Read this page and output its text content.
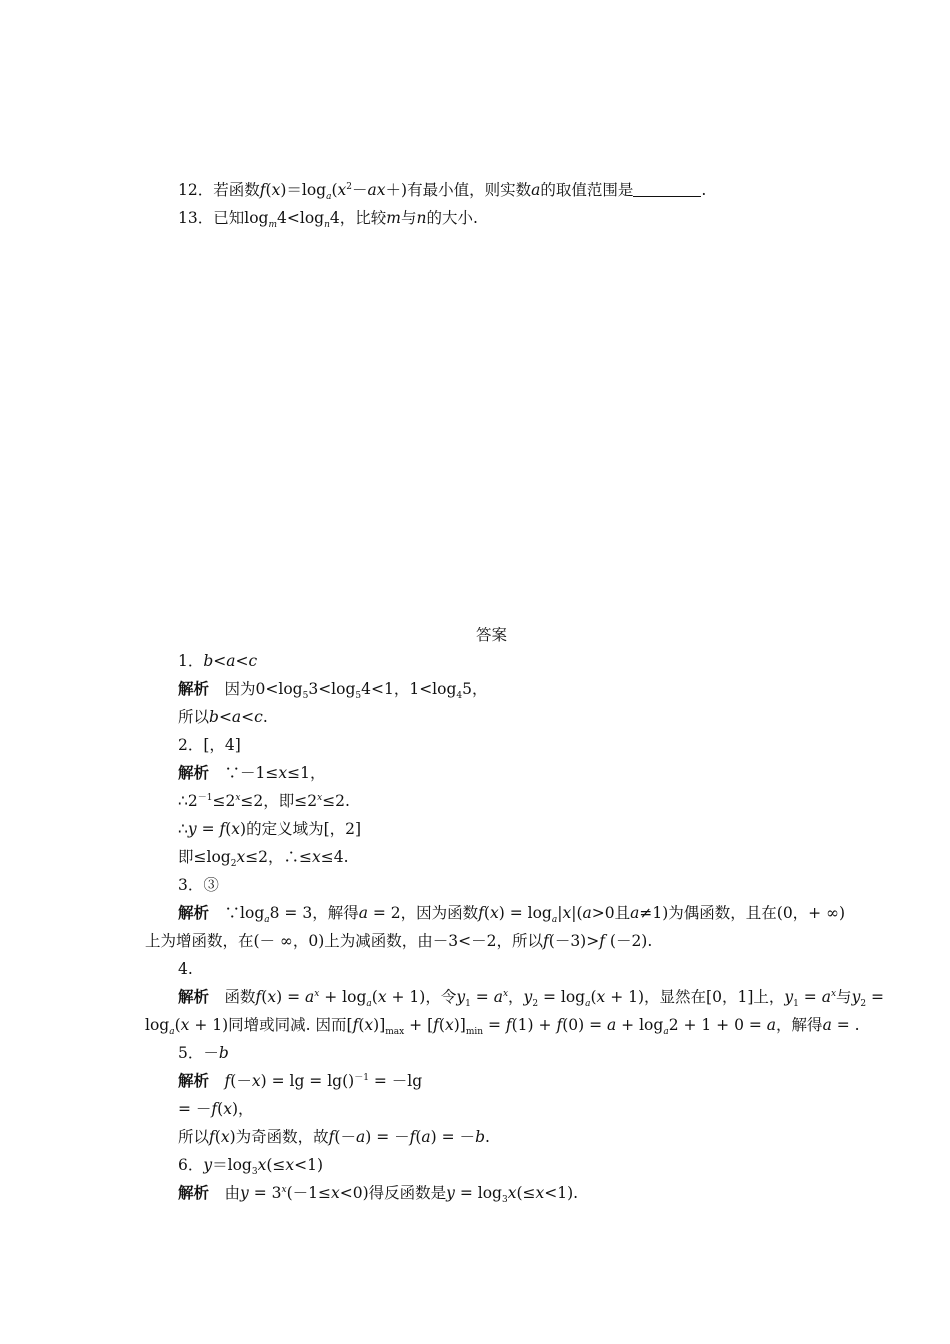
12．若函数$f(x)=\log_a(x^2-ax+)$有最小值，则实数a的取值范围是	.
13．已知$\log_m4<\log_n4$，比较m与n的大小.
答案
1．b<a<c
解析　 因为$0<\log_53<\log_54<1$，$1<\log_45$，
所以b<a<c.
2．[，4]
解析　 ∵－1≤x≤1，
$\therefore 2^{-1}\le 2^x\le 2$，即$\le 2^x\le 2$.
∴y = f(x)的定义域为[，2]
即$\le\log_2x\le 2$，∴≤x≤4.
3．③
解析　 $\because\log_a8 = 3$，解得a = 2，因为函数$f(x) = \log_a|x|(a>0$且a≠1)为偶函数，且在(0，+ ∞)
上为增函数，在(－ ∞，0)上为减函数，由－3<－2，所以f(－3)>f (－2).
4.
解析　 函数$f(x) = a^x + \log_a(x + 1)$，令$y_1 = a^x$，$y_2 = \log_a(x + 1)$，显然在[0，1]上，$y_1 = a^x$与$y_2$ =
$\log_a(x + 1)$同增或同减. 因而$[f(x)]_{max} + [f(x)]_{min} = f(1) + f(0) = a + \log_a2 + 1 + 0 = a$，解得a = .
5．－b
解析　 f(－x) = lg = lg()$^{-1}$ = －lg
= －f(x)，
所以f(x)为奇函数，故f(－a) = －f(a) = －b.
6．$y=\log_3x(\le x<1)$
解析　 由$y = 3^x(-1\le x<0)$得反函数是$y = \log_3x(\le x<1)$.
